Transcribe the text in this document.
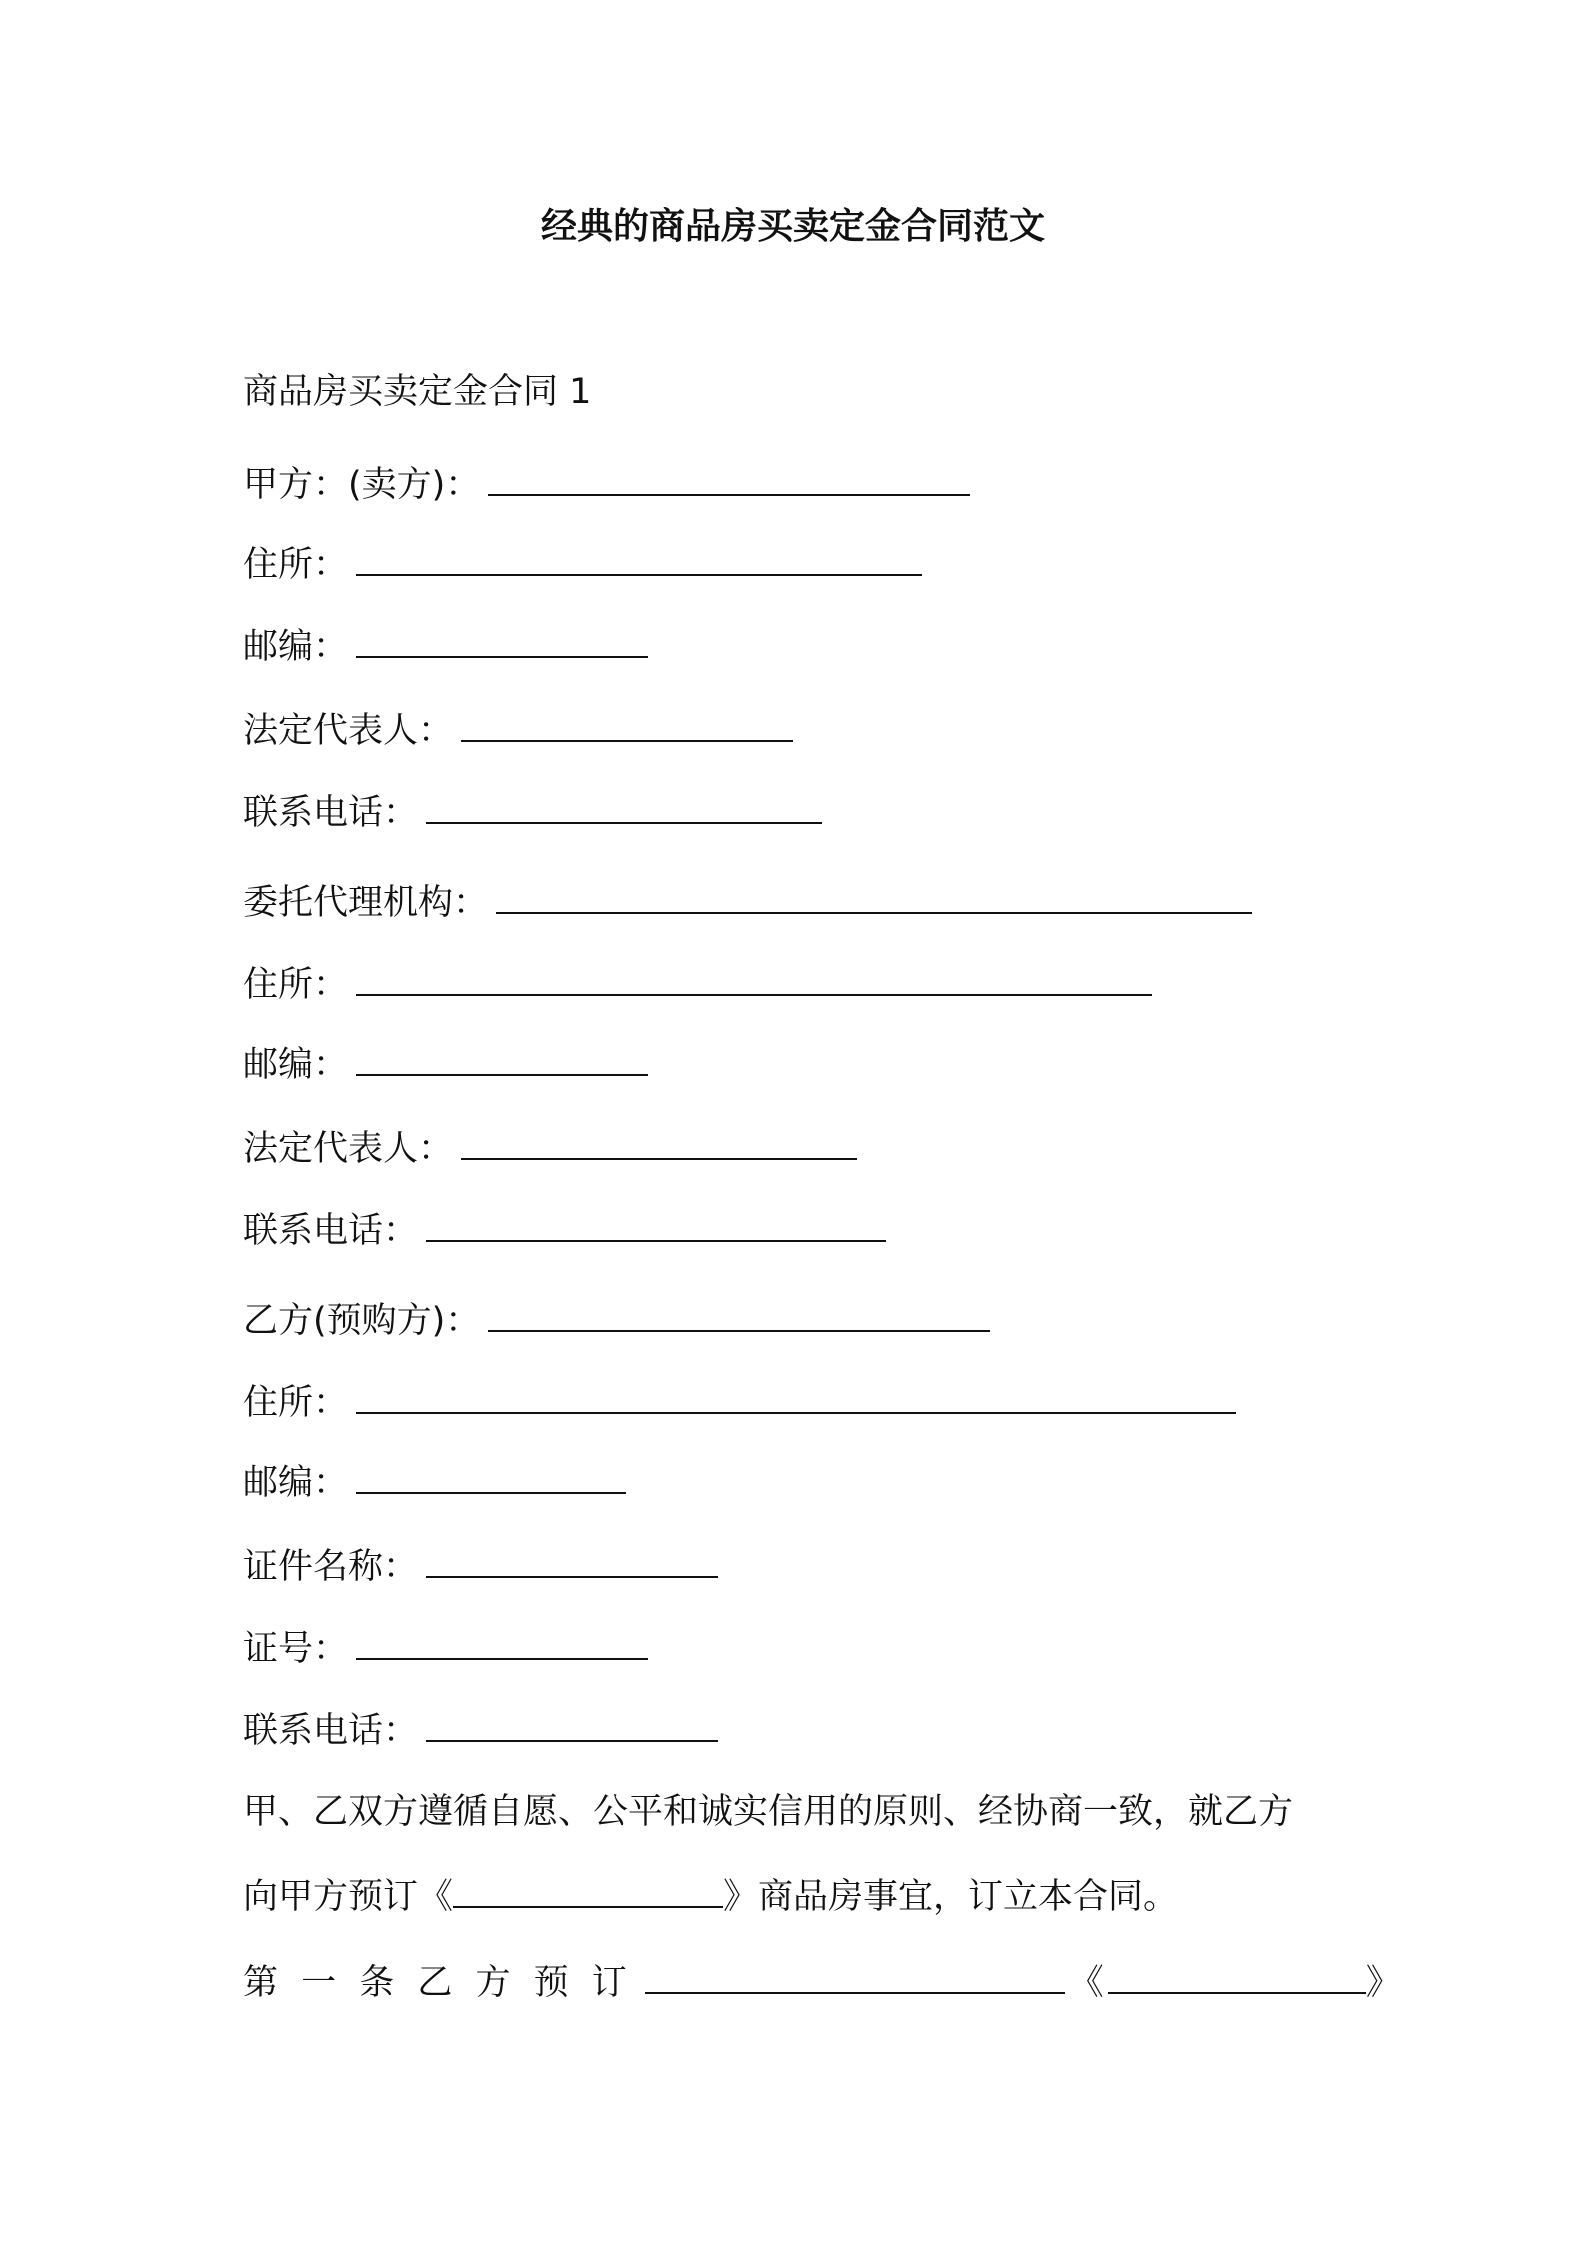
经典的商品房买卖定金合同范文
商品房买卖定金合同 1
甲方：(卖方)：
住所：
邮编：
法定代表人：
联系电话：
委托代理机构：
住所：
邮编：
法定代表人：
联系电话：
乙方(预购方)：
住所：
邮编：
证件名称：
证号：
联系电话：
甲、乙双方遵循自愿、公平和诚实信用的原则、经协商一致，就乙方
向甲方预订《	》商品房事宜，订立本合同。
第 一 条 乙 方 预 订	《	》
